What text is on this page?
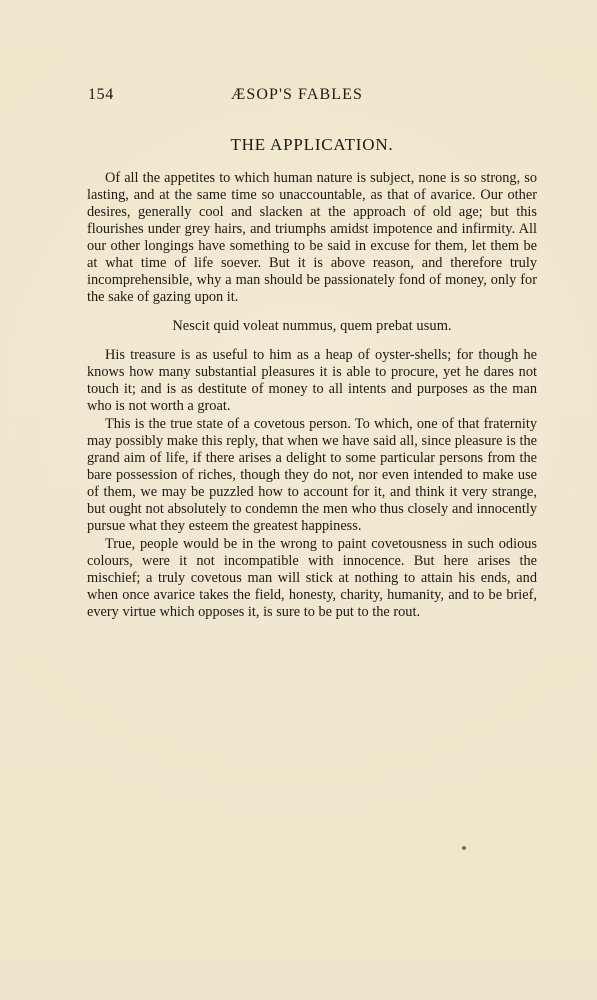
154	ÆSOP'S FABLES
THE APPLICATION.

Of all the appetites to which human nature is subject, none is so strong, so lasting, and at the same time so unaccountable, as that of avarice. Our other desires, generally cool and slacken at the approach of old age; but this flourishes under grey hairs, and triumphs amidst impotence and infirmity. All our other longings have something to be said in excuse for them, let them be at what time of life soever. But it is above reason, and therefore truly incomprehensible, why a man should be passionately fond of money, only for the sake of gazing upon it.

Nescit quid voleat nummus, quem prebat usum.

His treasure is as useful to him as a heap of oyster-shells; for though he knows how many substantial pleasures it is able to procure, yet he dares not touch it; and is as destitute of money to all intents and purposes as the man who is not worth a groat.

This is the true state of a covetous person. To which, one of that fraternity may possibly make this reply, that when we have said all, since pleasure is the grand aim of life, if there arises a delight to some particular persons from the bare possession of riches, though they do not, nor even intended to make use of them, we may be puzzled how to account for it, and think it very strange, but ought not absolutely to condemn the men who thus closely and innocently pursue what they esteem the greatest happiness.

True, people would be in the wrong to paint covetousness in such odious colours, were it not incompatible with innocence. But here arises the mischief; a truly covetous man will stick at nothing to attain his ends, and when once avarice takes the field, honesty, charity, humanity, and to be brief, every virtue which opposes it, is sure to be put to the rout.
